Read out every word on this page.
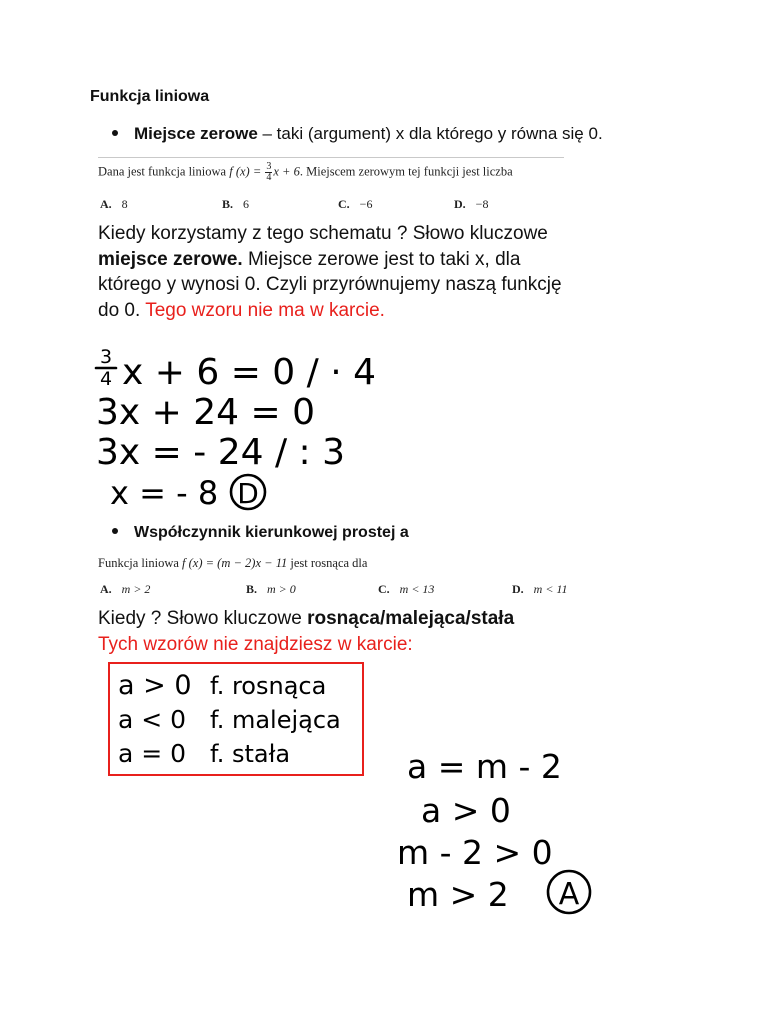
Funkcja liniowa
Miejsce zerowe – taki (argument) x dla którego y równa się 0.
Dana jest funkcja liniowa f $(x) = \frac{3}{4}$ x + 6. Miejscem zerowym tej funkcji jest liczba
A. 8	B. 6	C. −6	D. −8
Kiedy korzystamy z tego schematu ? Słowo kluczowe miejsce zerowe. Miejsce zerowe jest to taki x, dla którego y wynosi 0. Czyli przyrównujemy naszą funkcję do 0. Tego wzoru nie ma w karcie.
3
4 x + 6 = 0 / · 4
3x + 24 = 0
3x = - 24 / : 3
x = - 8 D
Współczynnik kierunkowej prostej a
Funkcja liniowa f (x) = (m − 2)x − 11 jest rosnąca dla
A. m > 2	B. m > 0	C. m < 13	D. m < 11
Kiedy ? Słowo kluczowe rosnąca/malejąca/stała
Tych wzorów nie znajdziesz w karcie:
a > 0 f. rosnąca
a < 0 f. malejąca
a = 0 f. stała	a = m - 2
a > 0
m - 2 > 0
m > 2 A
